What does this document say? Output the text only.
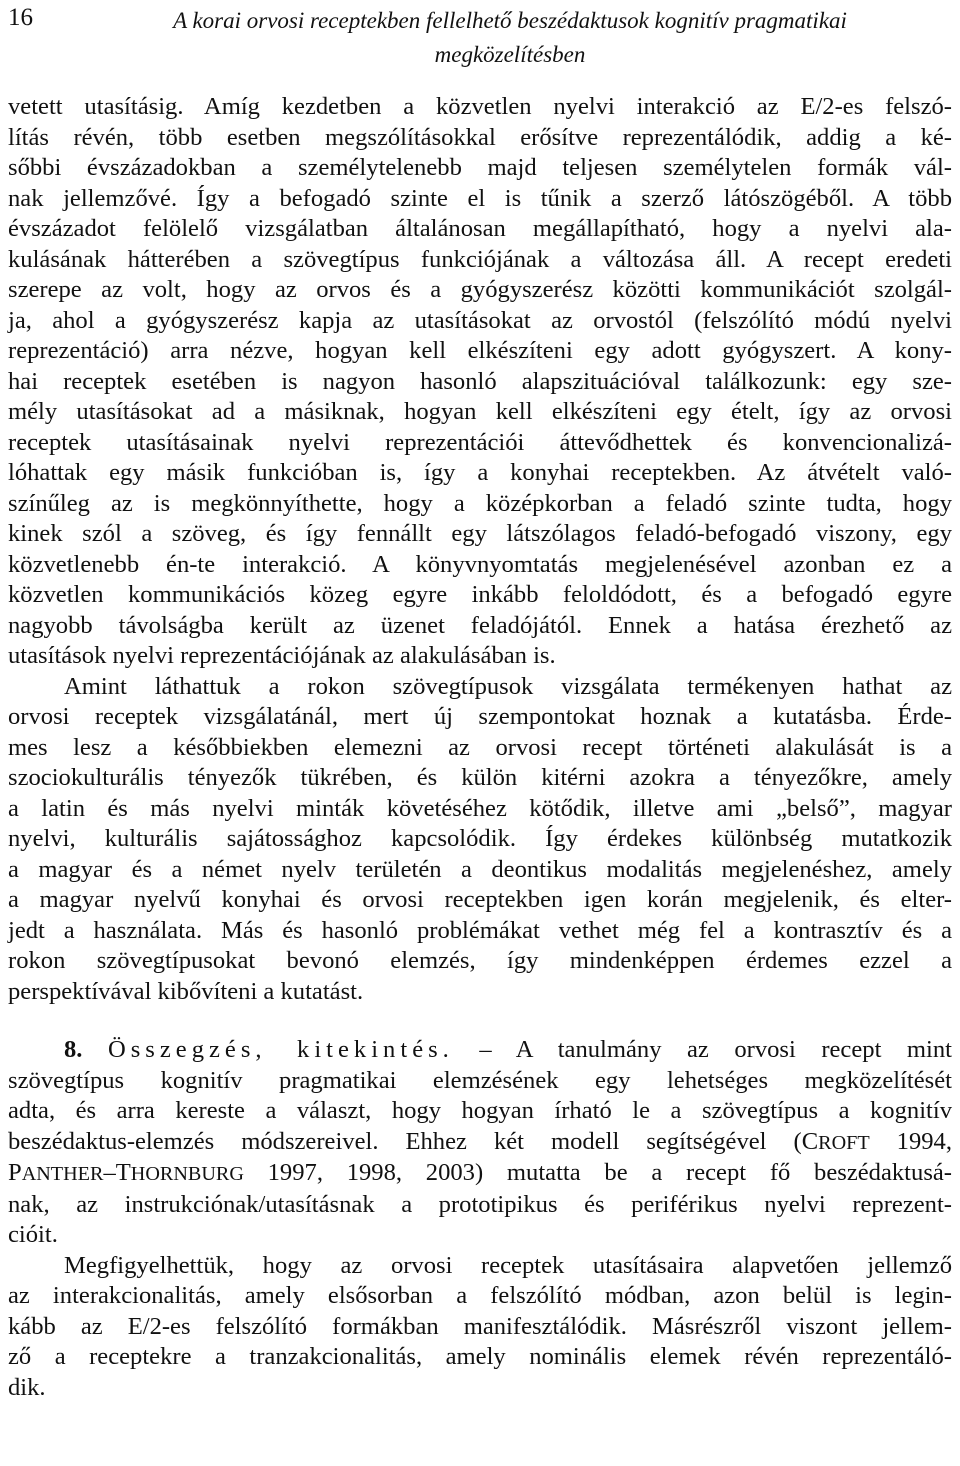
16	A korai orvosi receptekben fellelhető beszédaktusok kognitív pragmatikai
megközelítésben
vetett utasításig. Amíg kezdetben a közvetlen nyelvi interakció az E/2-es felszó-
lítás révén, több esetben megszólításokkal erősítve reprezentálódik, addig a ké-
sőbbi évszázadokban a személytelenebb majd teljesen személytelen formák vál-
nak jellemzővé. Így a befogadó szinte el is tűnik a szerző látószögéből. A több
évszázadot felölelő vizsgálatban általánosan megállapítható, hogy a nyelvi ala-
kulásának hátterében a szövegtípus funkciójának a változása áll. A recept eredeti
szerepe az volt, hogy az orvos és a gyógyszerész közötti kommunikációt szolgál-
ja, ahol a gyógyszerész kapja az utasításokat az orvostól (felszólító módú nyelvi
reprezentáció) arra nézve, hogyan kell elkészíteni egy adott gyógyszert. A kony-
hai receptek esetében is nagyon hasonló alapszituációval találkozunk: egy sze-
mély utasításokat ad a másiknak, hogyan kell elkészíteni egy ételt, így az orvosi
receptek utasításainak nyelvi reprezentációi áttevődhettek és konvencionalizá-
lóhattak egy másik funkcióban is, így a konyhai receptekben. Az átvételt való-
színűleg az is megkönnyíthette, hogy a középkorban a feladó szinte tudta, hogy
kinek szól a szöveg, és így fennállt egy látszólagos feladó-befogadó viszony, egy
közvetlenebb én-te interakció. A könyvnyomtatás megjelenésével azonban ez a
közvetlen kommunikációs közeg egyre inkább feloldódott, és a befogadó egyre
nagyobb távolságba került az üzenet feladójától. Ennek a hatása érezhető az
utasítások nyelvi reprezentációjának az alakulásában is.
Amint láthattuk a rokon szövegtípusok vizsgálata termékenyen hathat az
orvosi receptek vizsgálatánál, mert új szempontokat hoznak a kutatásba. Érde-
mes lesz a későbbiekben elemezni az orvosi recept történeti alakulását is a
szociokulturális tényezők tükrében, és külön kitérni azokra a tényezőkre, amely
a latin és más nyelvi minták követéséhez kötődik, illetve ami „belső”, magyar
nyelvi, kulturális sajátossághoz kapcsolódik. Így érdekes különbség mutatkozik
a magyar és a német nyelv területén a deontikus modalitás megjelenéshez, amely
a magyar nyelvű konyhai és orvosi receptekben igen korán megjelenik, és elter-
jedt a használata. Más és hasonló problémákat vethet még fel a kontrasztív és a
rokon szövegtípusokat bevonó elemzés, így mindenképpen érdemes ezzel a
perspektívával kibővíteni a kutatást.
8. Összegzés, kitekintés. – A tanulmány az orvosi recept mint
szövegtípus kognitív pragmatikai elemzésének egy lehetséges megközelítését
adta, és arra kereste a választ, hogy hogyan írható le a szövegtípus a kognitív
beszédaktus-elemzés módszereivel. Ehhez két modell segítségével (CROFT 1994,
PANTHER–THORNBURG 1997, 1998, 2003) mutatta be a recept fő beszédaktusá-
nak, az instrukciónak/utasításnak a prototipikus és periférikus nyelvi reprezent-
cióit.
Megfigyelhettük, hogy az orvosi receptek utasításaira alapvetően jellemző
az interakcionalitás, amely elsősorban a felszólító módban, azon belül is legin-
kább az E/2-es felszólító formákban manifesztálódik. Másrészről viszont jellem-
ző a receptekre a tranzakcionalitás, amely nominális elemek révén reprezentáló-
dik.
